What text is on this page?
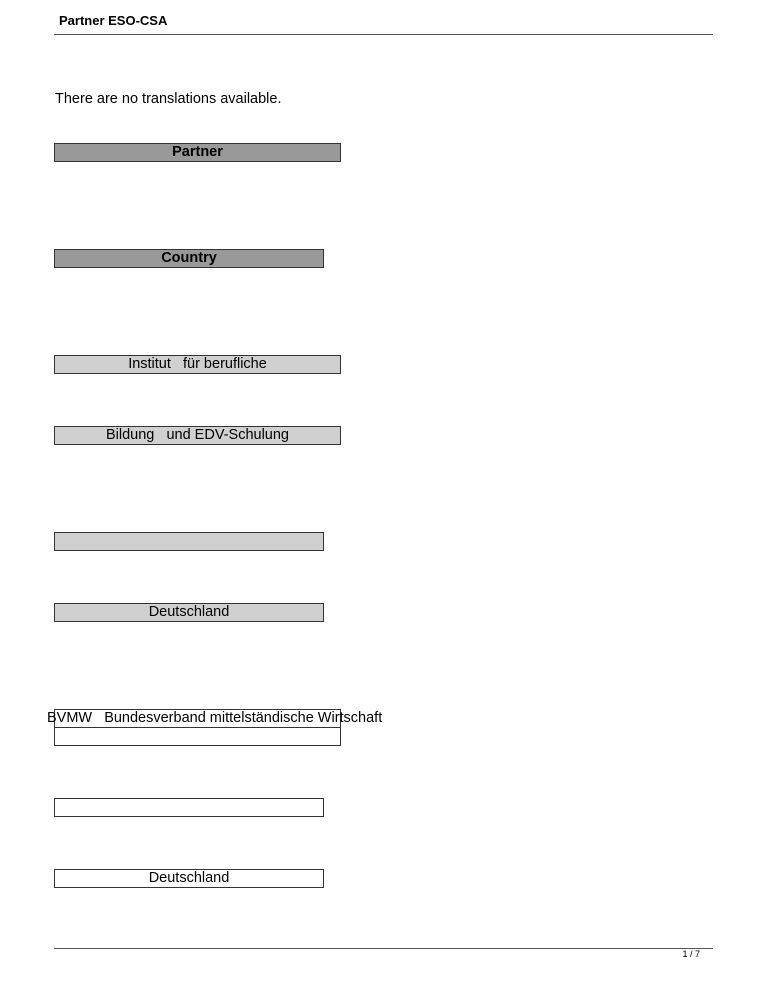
Partner ESO-CSA
There are no translations available.
Partner
Country
Institut   für berufliche
Bildung   und EDV-Schulung
Deutschland
BVMW   Bundesverband mittelständische Wirtschaft
Deutschland
1 / 7
